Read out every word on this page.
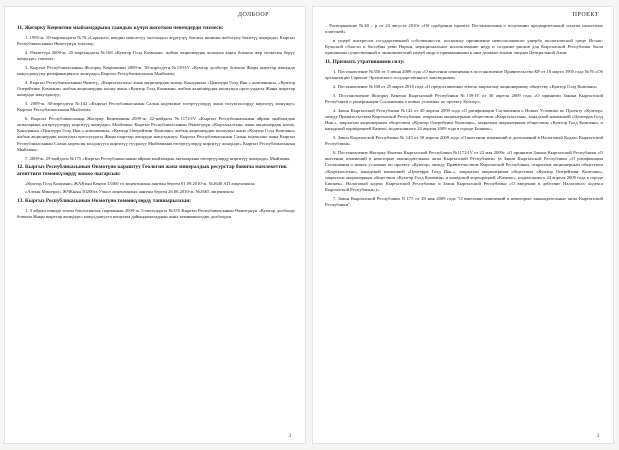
ДОЛБООР
11. Жогорку Кеңештин мыйзамдарына таандык күчүн жоготкон ченемдерди тизмеси:
1. 1995-ж. 10-мартындагы №76 «Сарыжаз» кендин максаттуу чалгындоо жүргүзүү боюнча ишинин жобосуну бекитүү жөнүндө» Кыргыз Республикасынын Өкмөтүнүн токтому;
2. Өкмөттүн 2009-ж. 25-мартындагы №168 «Кумтор Голд Компани» жабык акционердик коомуна карта боюнча жер тилкесин берүү жөнүндө» токтому;
3. Кыргыз Республикасынын Жогорку Кеңешинин 2009-ж. 30-апрелдеги №139-IV «Кумтор долбоору боюнча Жаңы шарттар жөнүндө макулдашууну ратификациялоо жөнүндө» Кыргыз Республикасынын Мыйзамы;
4. Кыргыз Республикасынын Өкмөтү, «Кыргызалтын» ачык акционердик коому, Канаданын «Центерра Голд Инк.» компаниясы, «Кумтор Оперейтинг Компани» жабык акционердик коому жана «Кумтор Голд Компани» жабык акционердик коомунун ортосундагы Жаңы шарттар жөнүндө макулдашуу;
5. 2009-ж. 30-апрелдеги №142 «Кыргыз Республикасынын Салык кодексине өзгөртүүлөрдү жана толуктоолорду киргизүү жөнүндө» Кыргыз Республикасынын Мыйзамы;
6. Кыргыз Республикасынын Жогорку Кеңешинин 2009-ж. 22-майдагы №1172-IV «Кыргыз Республикасынын айрым мыйзамдык актыларына өзгөртүүлөрдү киргизүү жөнүндө» Мыйзамы; Кыргыз Республикасынын Өкмөтүнүн «Кыргызалтын» ачык акционердик коому, Канаданын «Центерра Голд Инк.» компаниясы, «Кумтор Оперейтинг Компани» жабык акционердик коомунун жана «Кумтор Голд Компани» жабык акционердик коомунун ортосундагы Жаңы шарттар жөнүндө макулдашуу; Кыргыз Республикасынын Салык кодексине жана Кыргыз Республикасынын Салык кодексин колдонууга киргизүү тууралуу Мыйзамына өзгөртүүлөрдү киргизүү жөнүндө» Кыргыз Республикасынын Мыйзамы;
7. 2009-ж. 29-майдагы №175 «Кыргыз Республикасынын айрым мыйзамдык актыларына өзгөртүүлөрдү киргизүү жөнүндө» Мыйзамы;
12. Кыргыз Республикасынын Өкмөтүнө караштуу Геология жана минералдык ресурстар боюнча мамлекеттик агенттиги төмөнкүлөрдү жокко чыгарсын:
«Кумтор Голд Компани» ЖАКтын Кеңеш 13360 га лицензиялык аянтын берген 01.09.2010-ж. №2648 АП лицензиясы;
«Алтын Минерал» ЖЧКнын 50200га Учкол лицензиялык аянтын берген 26.06.2010-ж. №2665 лицензиясы
13. Кыргыз Республикасынын Өкмөтүнө төмөнкүлөрдү тапшырылсын:
1. 3 айдын ичинде өткөн биологиялык партиянын 2009-ж. 5-июлундагы №355 Кыргыз Республикасынын Өкмөтүнүн «Кумтор долбоору боюнча Жаңы шарттар жөнүндө» макулдашууга кошумча дайындамалардын жана кеминиксиздик долбоорун
3
ПРОЕКТ
– Распоряжение №48 – р от 23 августа 2010г «Об одобрении проекта Постановления о получении предварительной оплаты налоговых платежей»
в ущерб интересам государственной собственности, поскольку причинение невосполнимого ущерба экологической среде Иссык-Кульской области и бассейна реки Нарын, нерациональное использование недр и создание рисков для Кыргызской Республики были причинены существенный и экономический ущерб недр и привязанными к ним должностными лицами Центральной Азии.
11. Признать утратившими силу:
1. Постановление №356 от 5 июня 2009 года «О внесении изменения в постановление Правительства КР от 10 марта 1995 года №76 «Об организации Сарычат-Эрташского государственного заповедника»
2. Постановление №168 от 25 марта 2010 года «О предоставлении земель закрытому акционерному обществу «Кумтор Голд Компани»
3. Постановление Жогорку Кенеша Кыргызской Республики №139-IV от 30 апреля 2009 года «О принятии Закона Кыргызской Республики о ратификации Соглашения о новых условиях по проекту Кумтор»,
4. Закон Кыргызской Республики №142 от 30 апреля 2009 года «О ратификации Соглашения о Новых Условиях по Проекту «Кумтор» между Правительством Кыргызской Республики, открытым акционерным обществом «Кыргызалтын», канадской компанией «Центерра Голд Инк.», закрытым акционерным обществом «Кумтор Оперейтинг Компани», закрытым акционерным обществом «Кумтор Голд Компани» и канадской корпорацией Камеко, подписанного 24 апреля 2009 года в городе Бишкек».
5. Закон Кыргызской Республики № 143 от 30 апреля 2009 года «О внесении изменений и дополнений в Налоговый Кодекс Кыргызской Республики».
6. Постановление Жогорку Кенеша Кыргызской Республики №1172-IV от 22 мая 2009г. «О принятии Закона Кыргызской Республики «О внесении изменений в некоторые законодательные акты Кыргызской Республики» (в Закон Кыргызской Республики «О ратификации Соглашения о новых условиях по проекту «Кумтор» между Правительством Кыргызской Республики, открытым акционерным обществом «Кыргызалтын», канадской компанией «Центерра Голд Инк.», закрытым акционерным обществом «Кумтор Оперейтинг Компани», закрытым акционерным обществом «Кумтор Голд Компани» и канадской корпорацией «Камеко», подписанного 24 апреля 2009 года в городе Бишкек», Налоговый кодекс Кыргызской Республики и Закон Кыргызской Республики «О введении в действие Налогового кодекса Кыргызской Республики»)»
7. Закон Кыргызской Республики N 175 от 29 мая 2009 года "О внесении изменений в некоторые законодательные акты Кыргызской Республики".
3
